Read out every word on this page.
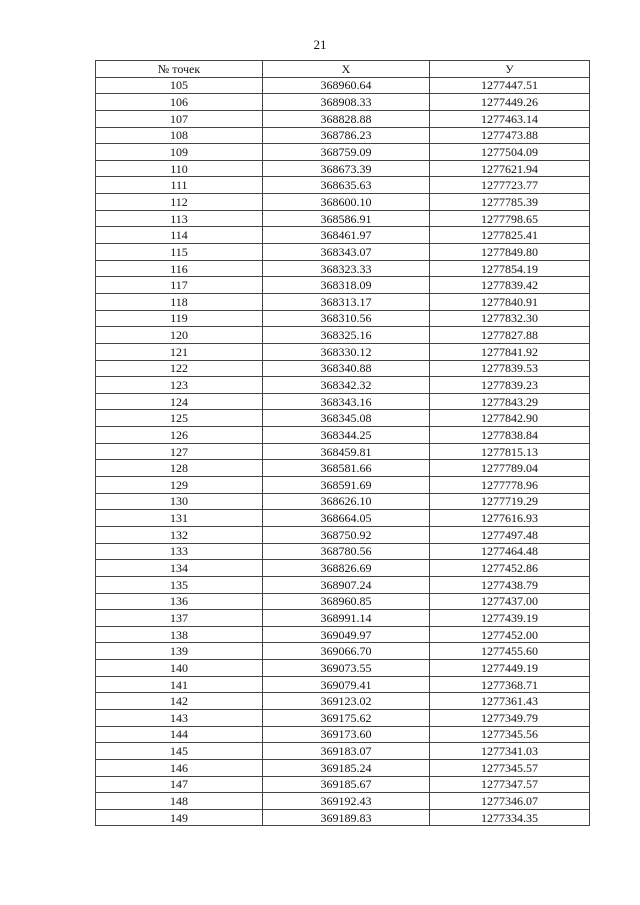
21
№ точек	X	У
105	368960.64	1277447.51
106	368908.33	1277449.26
107	368828.88	1277463.14
108	368786.23	1277473.88
109	368759.09	1277504.09
110	368673.39	1277621.94
111	368635.63	1277723.77
112	368600.10	1277785.39
113	368586.91	1277798.65
114	368461.97	1277825.41
115	368343.07	1277849.80
116	368323.33	1277854.19
117	368318.09	1277839.42
118	368313.17	1277840.91
119	368310.56	1277832.30
120	368325.16	1277827.88
121	368330.12	1277841.92
122	368340.88	1277839.53
123	368342.32	1277839.23
124	368343.16	1277843.29
125	368345.08	1277842.90
126	368344.25	1277838.84
127	368459.81	1277815.13
128	368581.66	1277789.04
129	368591.69	1277778.96
130	368626.10	1277719.29
131	368664.05	1277616.93
132	368750.92	1277497.48
133	368780.56	1277464.48
134	368826.69	1277452.86
135	368907.24	1277438.79
136	368960.85	1277437.00
137	368991.14	1277439.19
138	369049.97	1277452.00
139	369066.70	1277455.60
140	369073.55	1277449.19
141	369079.41	1277368.71
142	369123.02	1277361.43
143	369175.62	1277349.79
144	369173.60	1277345.56
145	369183.07	1277341.03
146	369185.24	1277345.57
147	369185.67	1277347.57
148	369192.43	1277346.07
149	369189.83	1277334.35
